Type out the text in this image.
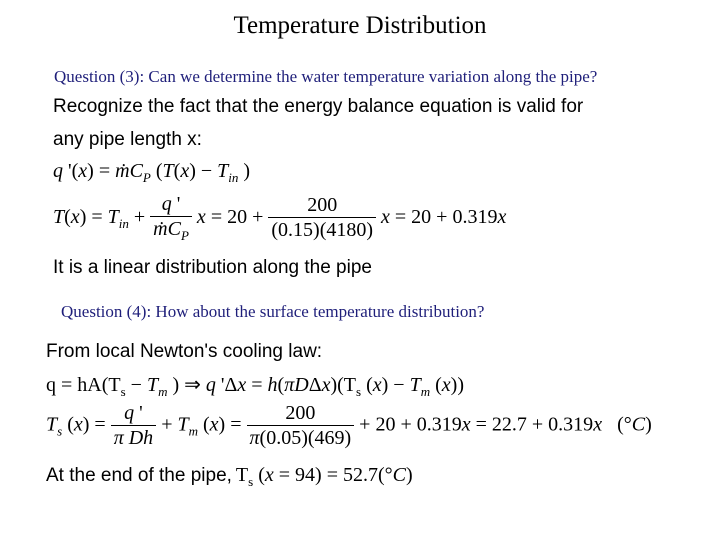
Temperature Distribution
Question (3): Can we determine the water temperature variation along the pipe?
Recognize the fact that the energy balance equation is valid for
any pipe length x:
q '(x) = ṁC$_P$ ($T(x) - T_{in}$ )
$T(x) = T_{in} + \frac{q '}{ṁC_P}$ $x = 20 + \frac{200}{(0.15)(4180)}$ x = 20 + 0.319x
It is a linear distribution along the pipe
Question (4): How about the surface temperature distribution?
From local Newton's cooling law:
$q = hA(T_s - T_m$ ) ⇒ q '$\Delta x = h(\pi D\Delta x)(T_s$ $(x) - T_m$ (x))
$T_s$ $(x) = \frac{q '}{\text{π Dh}} + T_m$ $(x) = \frac{200}{\pi(0.05)(469)} + 20 + 0.319x = 22.7 + 0.319x$   (°C)
At the end of the pipe, $T_s$ (x = 94) = 52.7(°C)
